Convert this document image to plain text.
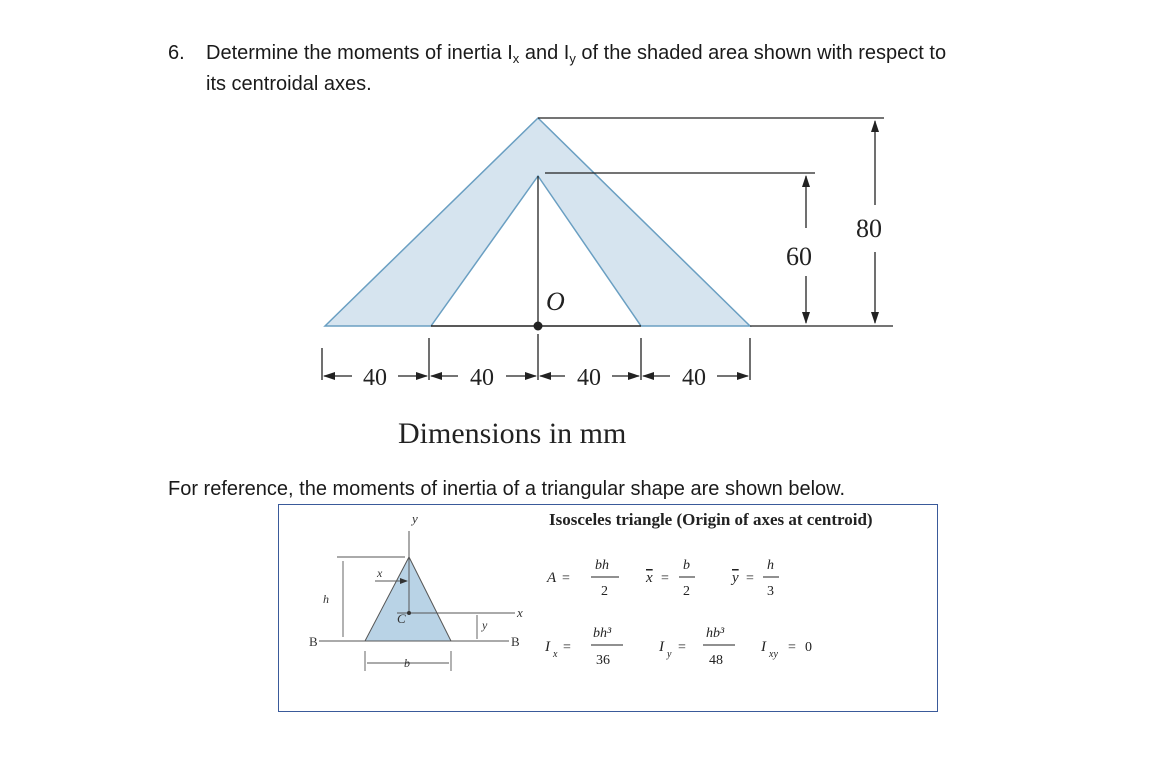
6. Determine the moments of inertia $I_x$ and $I_y$ of the shaded area shown with respect to
its centroidal axes.
O
60
80
40	40	40	40
Dimensions in mm
For reference, the moments of inertia of a triangular shape are shown below.
Isosceles triangle (Origin of axes at centroid)
y
x
C
B	B
h
x
y
b
A =
bh
2
x =
b
2
y =
h
3
I x =
bh³
36
I y =
hb³
48
I xy = 0
